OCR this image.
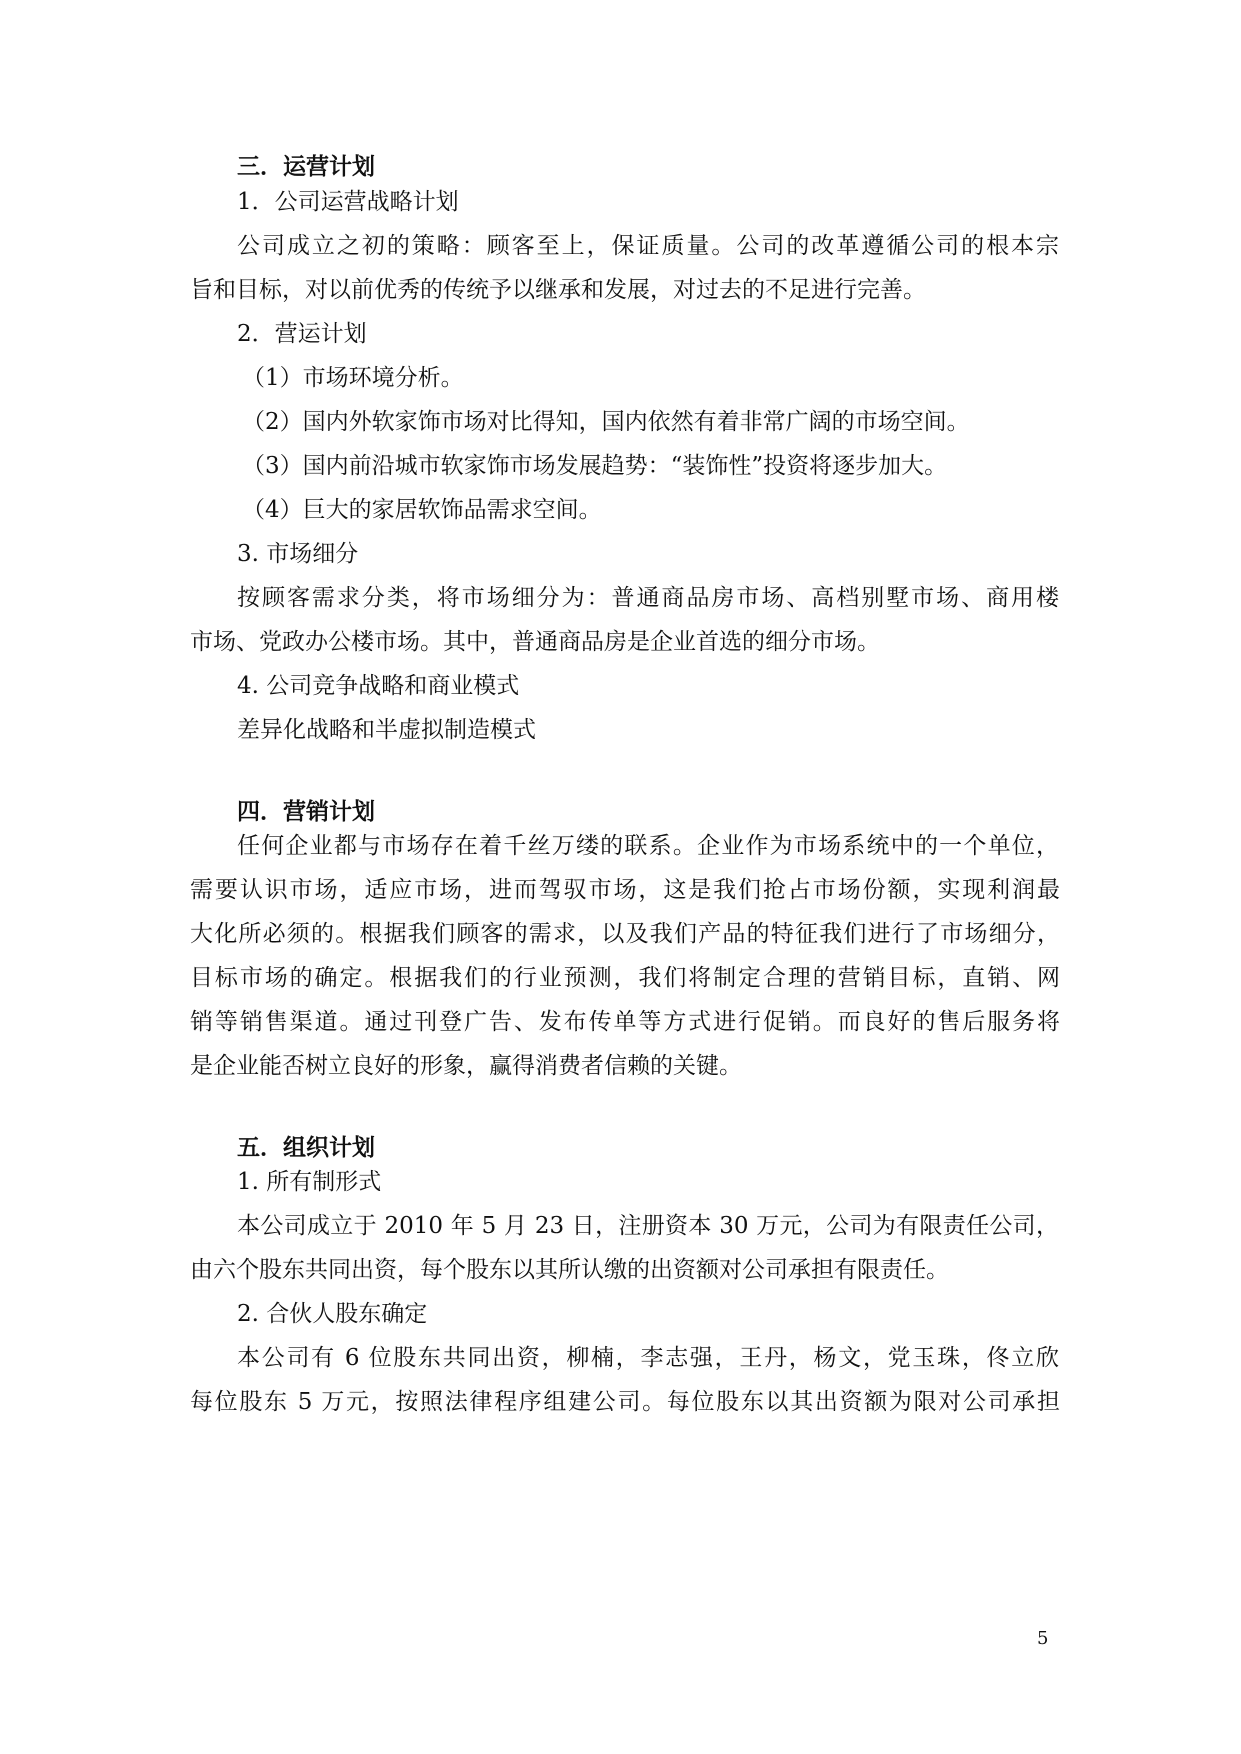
三．运营计划
1．公司运营战略计划
公司成立之初的策略：顾客至上，保证质量。公司的改革遵循公司的根本宗
旨和目标，对以前优秀的传统予以继承和发展，对过去的不足进行完善。
2．营运计划
（1）市场环境分析。
（2）国内外软家饰市场对比得知，国内依然有着非常广阔的市场空间。
（3）国内前沿城市软家饰市场发展趋势：“装饰性”投资将逐步加大。
（4）巨大的家居软饰品需求空间。
3. 市场细分
按顾客需求分类，将市场细分为：普通商品房市场、高档别墅市场、商用楼
市场、党政办公楼市场。其中，普通商品房是企业首选的细分市场。
4. 公司竞争战略和商业模式
差异化战略和半虚拟制造模式
四．营销计划
任何企业都与市场存在着千丝万缕的联系。企业作为市场系统中的一个单位，
需要认识市场，适应市场，进而驾驭市场，这是我们抢占市场份额，实现利润最
大化所必须的。根据我们顾客的需求，以及我们产品的特征我们进行了市场细分，
目标市场的确定。根据我们的行业预测，我们将制定合理的营销目标，直销、网
销等销售渠道。通过刊登广告、发布传单等方式进行促销。而良好的售后服务将
是企业能否树立良好的形象，赢得消费者信赖的关键。
五．组织计划
1. 所有制形式
本公司成立于 2010 年 5 月 23 日，注册资本 30 万元，公司为有限责任公司，
由六个股东共同出资，每个股东以其所认缴的出资额对公司承担有限责任。
2. 合伙人股东确定
本公司有 6 位股东共同出资，柳楠，李志强，王丹，杨文，党玉珠，佟立欣
每位股东 5 万元，按照法律程序组建公司。每位股东以其出资额为限对公司承担
5
